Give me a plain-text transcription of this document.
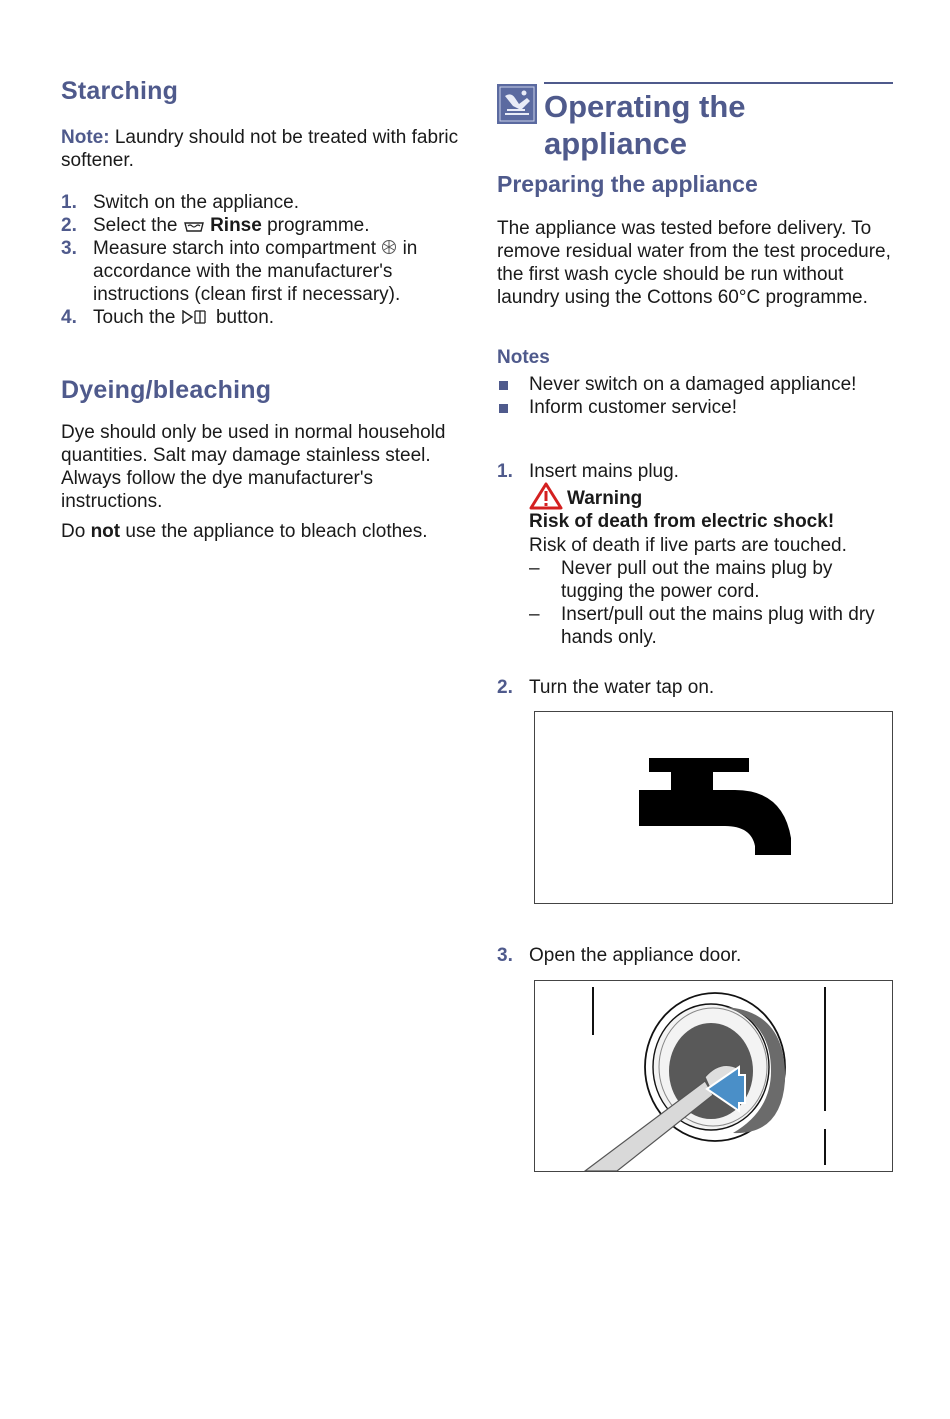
Starching
Note: Laundry should not be treated with fabric softener.
1. Switch on the appliance.
2. Select the Rinse programme.
3. Measure starch into compartment in accordance with the manufacturer's instructions (clean first if necessary).
4. Touch the button.
Dyeing/bleaching
Dye should only be used in normal household quantities. Salt may damage stainless steel. Always follow the dye manufacturer's instructions.
Do not use the appliance to bleach clothes.
Operating the
appliance
Preparing the appliance
The appliance was tested before delivery. To remove residual water from the test procedure, the first wash cycle should be run without laundry using the Cottons 60°C programme.
Notes
Never switch on a damaged appliance!
Inform customer service!
1. Insert mains plug.
Warning
Risk of death from electric shock!
Risk of death if live parts are touched.
– Never pull out the mains plug by tugging the power cord.
– Insert/pull out the mains plug with dry hands only.
2. Turn the water tap on.
3. Open the appliance door.
